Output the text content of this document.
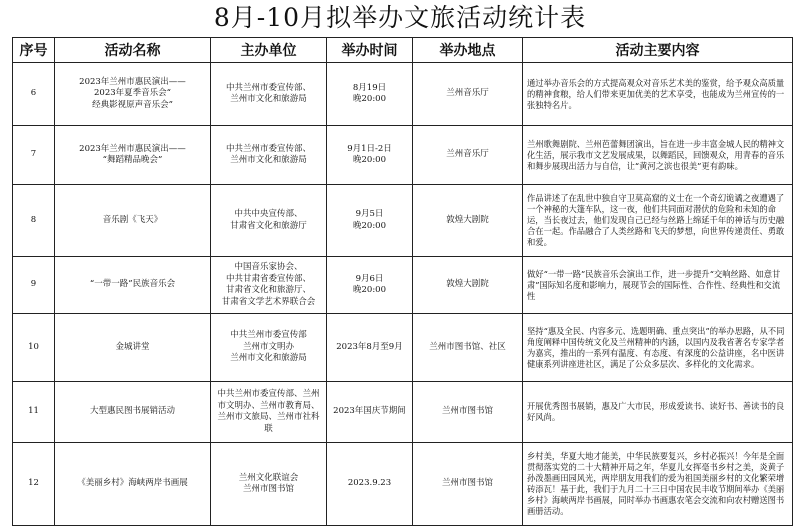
8月-10月拟举办文旅活动统计表
序号	活动名称	主办单位	举办时间	举办地点	活动主要内容
6	2023年兰州市惠民演出——
2023年夏季音乐会“
经典影视原声音乐会”	中共兰州市委宣传部、
兰州市文化和旅游局	8月19日
晚20:00	兰州音乐厅	通过举办音乐会的方式提高观众对音乐艺术美的鉴赏，给予观众高质量的精神食粮，给人们带来更加优美的艺术享受，也能成为兰州宣传的一张独特名片。
7	2023年兰州市惠民演出——
“舞蹈精品晚会”	中共兰州市委宣传部、
兰州市文化和旅游局	9月1日-2日
晚20:00	兰州音乐厅	兰州歌舞剧院、兰州芭蕾舞团演出，旨在进一步丰富金城人民的精神文化生活，展示我市文艺发展成果，以舞蹈民，回馈观众，用青春的音乐和舞步展现出活力与自信，让“黄河之滨也很美”更有韵味。
8	音乐剧《飞天》	中共中央宣传部、
甘肃省文化和旅游厅	9月5日
晚20:00	敦煌大剧院	作品讲述了在乱世中独自守卫莫高窟的义士在一个奇幻诡谲之夜遭遇了一个神秘的大篷车队，这一夜，他们共同面对潜伏的危险和未知的命运，当长夜过去，他们发现自己已经与丝路上绵延千年的神话与历史融合在一起。作品融合了人类丝路和飞天的梦想，向世界传递责任、勇敢和爱。
9	“一带一路”民族音乐会	中国音乐家协会、
中共甘肃省委宣传部、
甘肃省文化和旅游厅、
甘肃省文学艺术界联合会	9月6日
晚20:00	敦煌大剧院	做好“一带一路”民族音乐会演出工作，进一步提升“交响丝路、如意甘肃”国际知名度和影响力，展现节会的国际性、合作性、经典性和交流性
10	金城讲堂	中共兰州市委宣传部
兰州市文明办
兰州市文化和旅游局	2023年8月至9月	兰州市图书馆、社区	坚持“惠及全民、内容多元、选题明确、重点突出”的举办思路，从不同角度阐释中国传统文化及兰州精神的内涵，以国内及我省著名专家学者为嘉宾，推出的一系列有温度、有态度、有深度的公益讲座，名中医讲健康系列讲座进社区，满足了公众多层次、多样化的文化需求。
11	大型惠民图书展销活动	中共兰州市委宣传部、兰州市文明办、兰州市教育局、兰州市文旅局、兰州市社科联	2023年国庆节期间	兰州市图书馆	开展优秀图书展销，惠及广大市民，形成爱读书、读好书、善读书的良好风尚。
12	《美丽乡村》海峡两岸书画展	兰州文化联谊会
兰州市图书馆	2023.9.23	兰州市图书馆	乡村美，华夏大地才能美，中华民族要复兴，乡村必振兴！今年是全面贯彻落实党的二十大精神开局之年，华夏儿女挥毫书乡村之美，炎黄子孙泼墨画田园风光，两岸朋友用我们的爱为祖国美丽乡村的文化繁荣增砖添瓦！基于此，我们于九月二十三日中国农民丰收节期间举办《美丽乡村》海峡两岸书画展，同时举办书画惠农笔会交流和向农村赠送图书画册活动。
